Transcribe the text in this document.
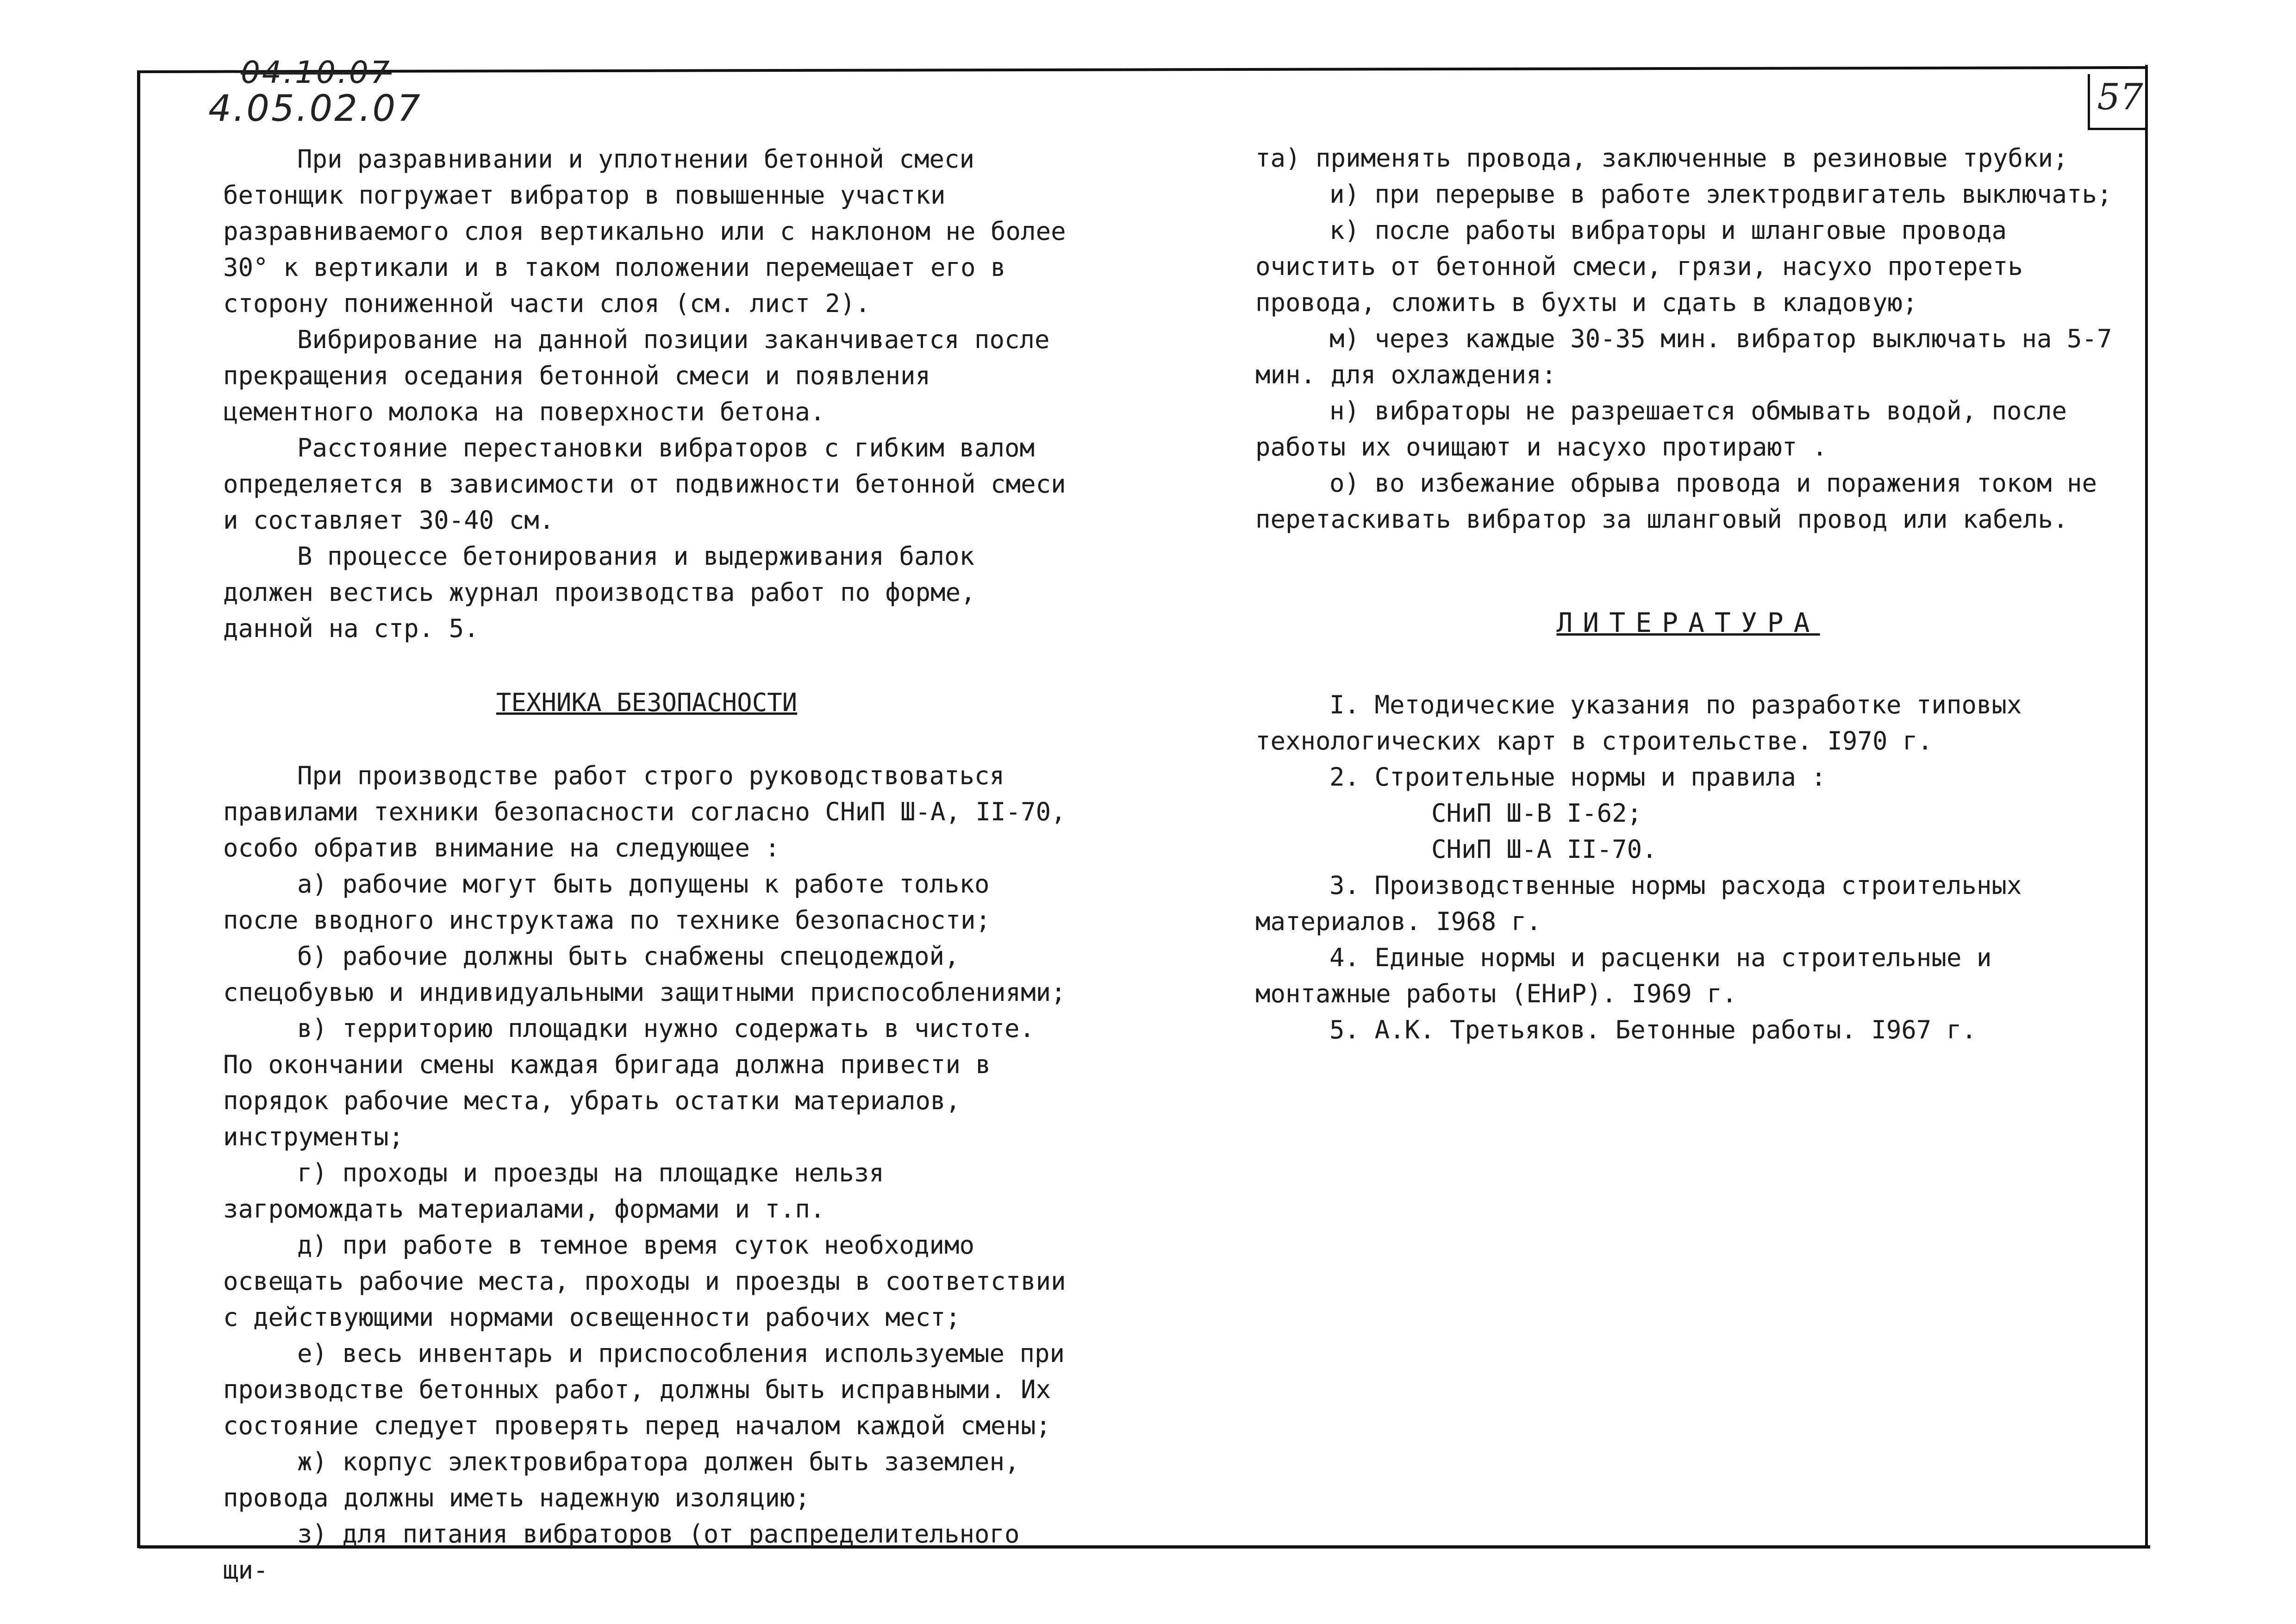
04.10.07
4.05.02.07	57

При разравнивании и уплотнении бетонной смеси бетонщик погружает вибратор в повышенные участки разравниваемого слоя вертикально или с наклоном не более 30° к вертикали и в таком положении перемещает его в сторону пониженной части слоя (см. лист 2).

Вибрирование на данной позиции заканчивается после прекращения оседания бетонной смеси и появления цементного молока на поверхности бетона.

Расстояние перестановки вибраторов с гибким валом определяется в зависимости от подвижности бетонной смеси и составляет 30-40 см.

В процессе бетонирования и выдерживания балок должен вестись журнал производства работ по форме, данной на стр. 5.

ТЕХНИКА БЕЗОПАСНОСТИ

При производстве работ строго руководствоваться правилами техники безопасности согласно СНиП Ш-А, II-70, особо обратив внимание на следующее :

а) рабочие могут быть допущены к работе только после вводного инструктажа по технике безопасности;

б) рабочие должны быть снабжены спецодеждой, спецобувью и индивидуальными защитными приспособлениями;

в) территорию площадки нужно содержать в чистоте. По окончании смены каждая бригада должна привести в порядок рабочие места, убрать остатки материалов, инструменты;

г) проходы и проезды на площадке нельзя загромождать материалами, формами и т.п.

д) при работе в темное время суток необходимо освещать рабочие места, проходы и проезды в соответствии с действующими нормами освещенности рабочих мест;

е) весь инвентарь и приспособления используемые при производстве бетонных работ, должны быть исправными. Их состояние следует проверять перед началом каждой смены;

ж) корпус электровибратора должен быть заземлен, провода должны иметь надежную изоляцию;

з) для питания вибраторов (от распределительного щи-

та) применять провода, заключенные в резиновые трубки;

и) при перерыве в работе электродвигатель выключать;

к) после работы вибраторы и шланговые провода очистить от бетонной смеси, грязи, насухо протереть провода, сложить в бухты и сдать в кладовую;

м) через каждые 30-35 мин. вибратор выключать на 5-7 мин. для охлаждения:

н) вибраторы не разрешается обмывать водой, после работы их очищают и насухо протирают .

о) во избежание обрыва провода и поражения током не перетаскивать вибратор за шланговый провод или кабель.

ЛИТЕРАТУРА

I. Методические указания по разработке типовых технологических карт в строительстве. I970 г.

2. Строительные нормы и правила :

СНиП Ш-В I-62;

СНиП Ш-А II-70.

3. Производственные нормы расхода строительных материалов. I968 г.

4. Единые нормы и расценки на строительные и монтажные работы (ЕНиР). I969 г.

5. А.К. Третьяков. Бетонные работы. I967 г.
